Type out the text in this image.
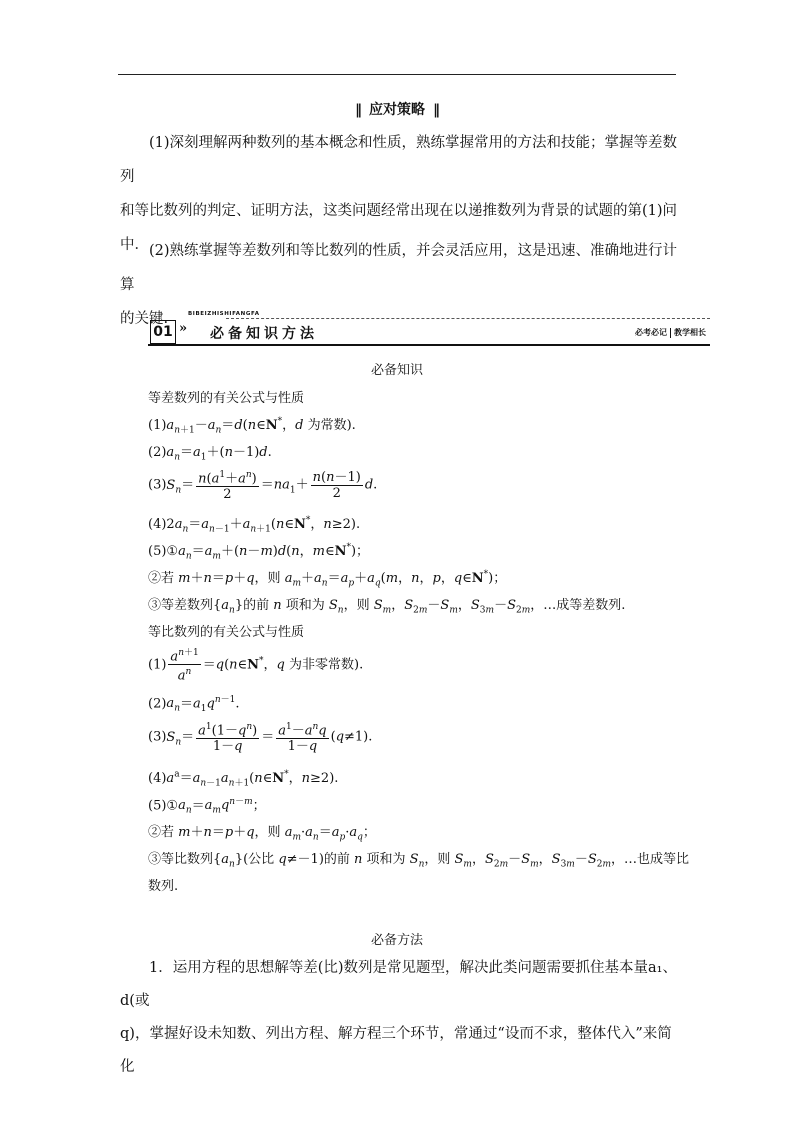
‖ 应对策略 ‖

(1)深刻理解两种数列的基本概念和性质，熟练掌握常用的方法和技能；掌握等差数列

和等比数列的判定、证明方法，这类问题经常出现在以递推数列为背景的试题的第(1)问
中． (2)熟练掌握等差数列和等比数列的性质，并会灵活应用，这是迅速、准确地进行计算

的关键.	BIBEIZHISHIFANGFA
01 » 必备知识方法	必考必记 教学相长
必备知识
等差数列的有关公式与性质
$(1)a_{n+1}-a_n=d(n\in N^*$，d 为常数).
$(2)a_n=a_1+(n-1)d$.
$(3)S_n= \frac{n(a^1+a^n)}{2} =na_1+ \frac{n(n-1)}{2} d$.
$(4)2a_n=a_{n-1}+a_{n+1}(n\in N^*$，n≥2).
$(5)①a_n=a_m+(n-m)d(n$，m∈N*)；
②若 m＋n＝p＋q，则 $a_m+a_n=a_p+a_q(m$，n，p，q∈N*)；
③等差数列$\{a_n\}$的前 n 项和为 $S_n$，则 $S_m$，$S_{2m}-S_m$，$S_{3m}-S_{2m}$，…成等差数列.
等比数列的有关公式与性质
$(1) \frac{a^{n+1}}{a^n}$ ＝q(n∈N*，q 为非零常数).
$(2)a_n=a_1q^{n-1}$.
$(3)S_n= \frac{a^1(1-q^n)}{1-q} = \frac{a^1-a^nq}{1-q} (q\ne 1)$.
$(4)a^a=a_{n-1}a_{n+1}(n\in N^*$，n≥2).
$(5)①a_n=a_mq^{n-m}$；
②若 m＋n＝p＋q，则 $a_m\cdot a_n=a_p\cdot a_q$；
③等比数列$\{a_n\}$(公比 q≠－1)的前 n 项和为 $S_n$，则 $S_m$，$S_{2m}-S_m$，$S_{3m}-S_{2m}$，…也成等比
数列.
必备方法
1．运用方程的思想解等差(比)数列是常见题型，解决此类问题需要抓住基本量a₁、d(或
q)，掌握好设未知数、列出方程、解方程三个环节，常通过“设而不求，整体代入”来简化
